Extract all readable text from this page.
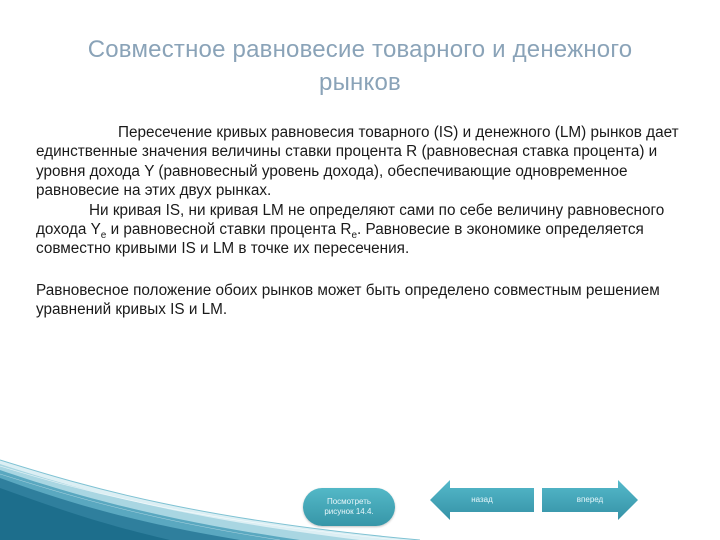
Совместное равновесие товарного и денежного рынков

Пересечение кривых равновесия товарного (IS) и денежного (LM) рынков дает единственные значения величины ставки процента R (равновесная ставка процента) и уровня дохода Y (равновесный уровень дохода), обеспечивающие одновременное равновесие на этих двух рынках.

Ни кривая IS, ни кривая LM не определяют сами по себе величину равновесного дохода $Y_e$ и равновесной ставки процента $R_e$. Равновесие в экономике определяется совместно кривыми IS и LM в точке их пересечения.

Равновесное положение обоих рынков может быть определено совместным решением уравнений кривых IS и LM.

Посмотреть рисунок 14.4.
назад	вперед
